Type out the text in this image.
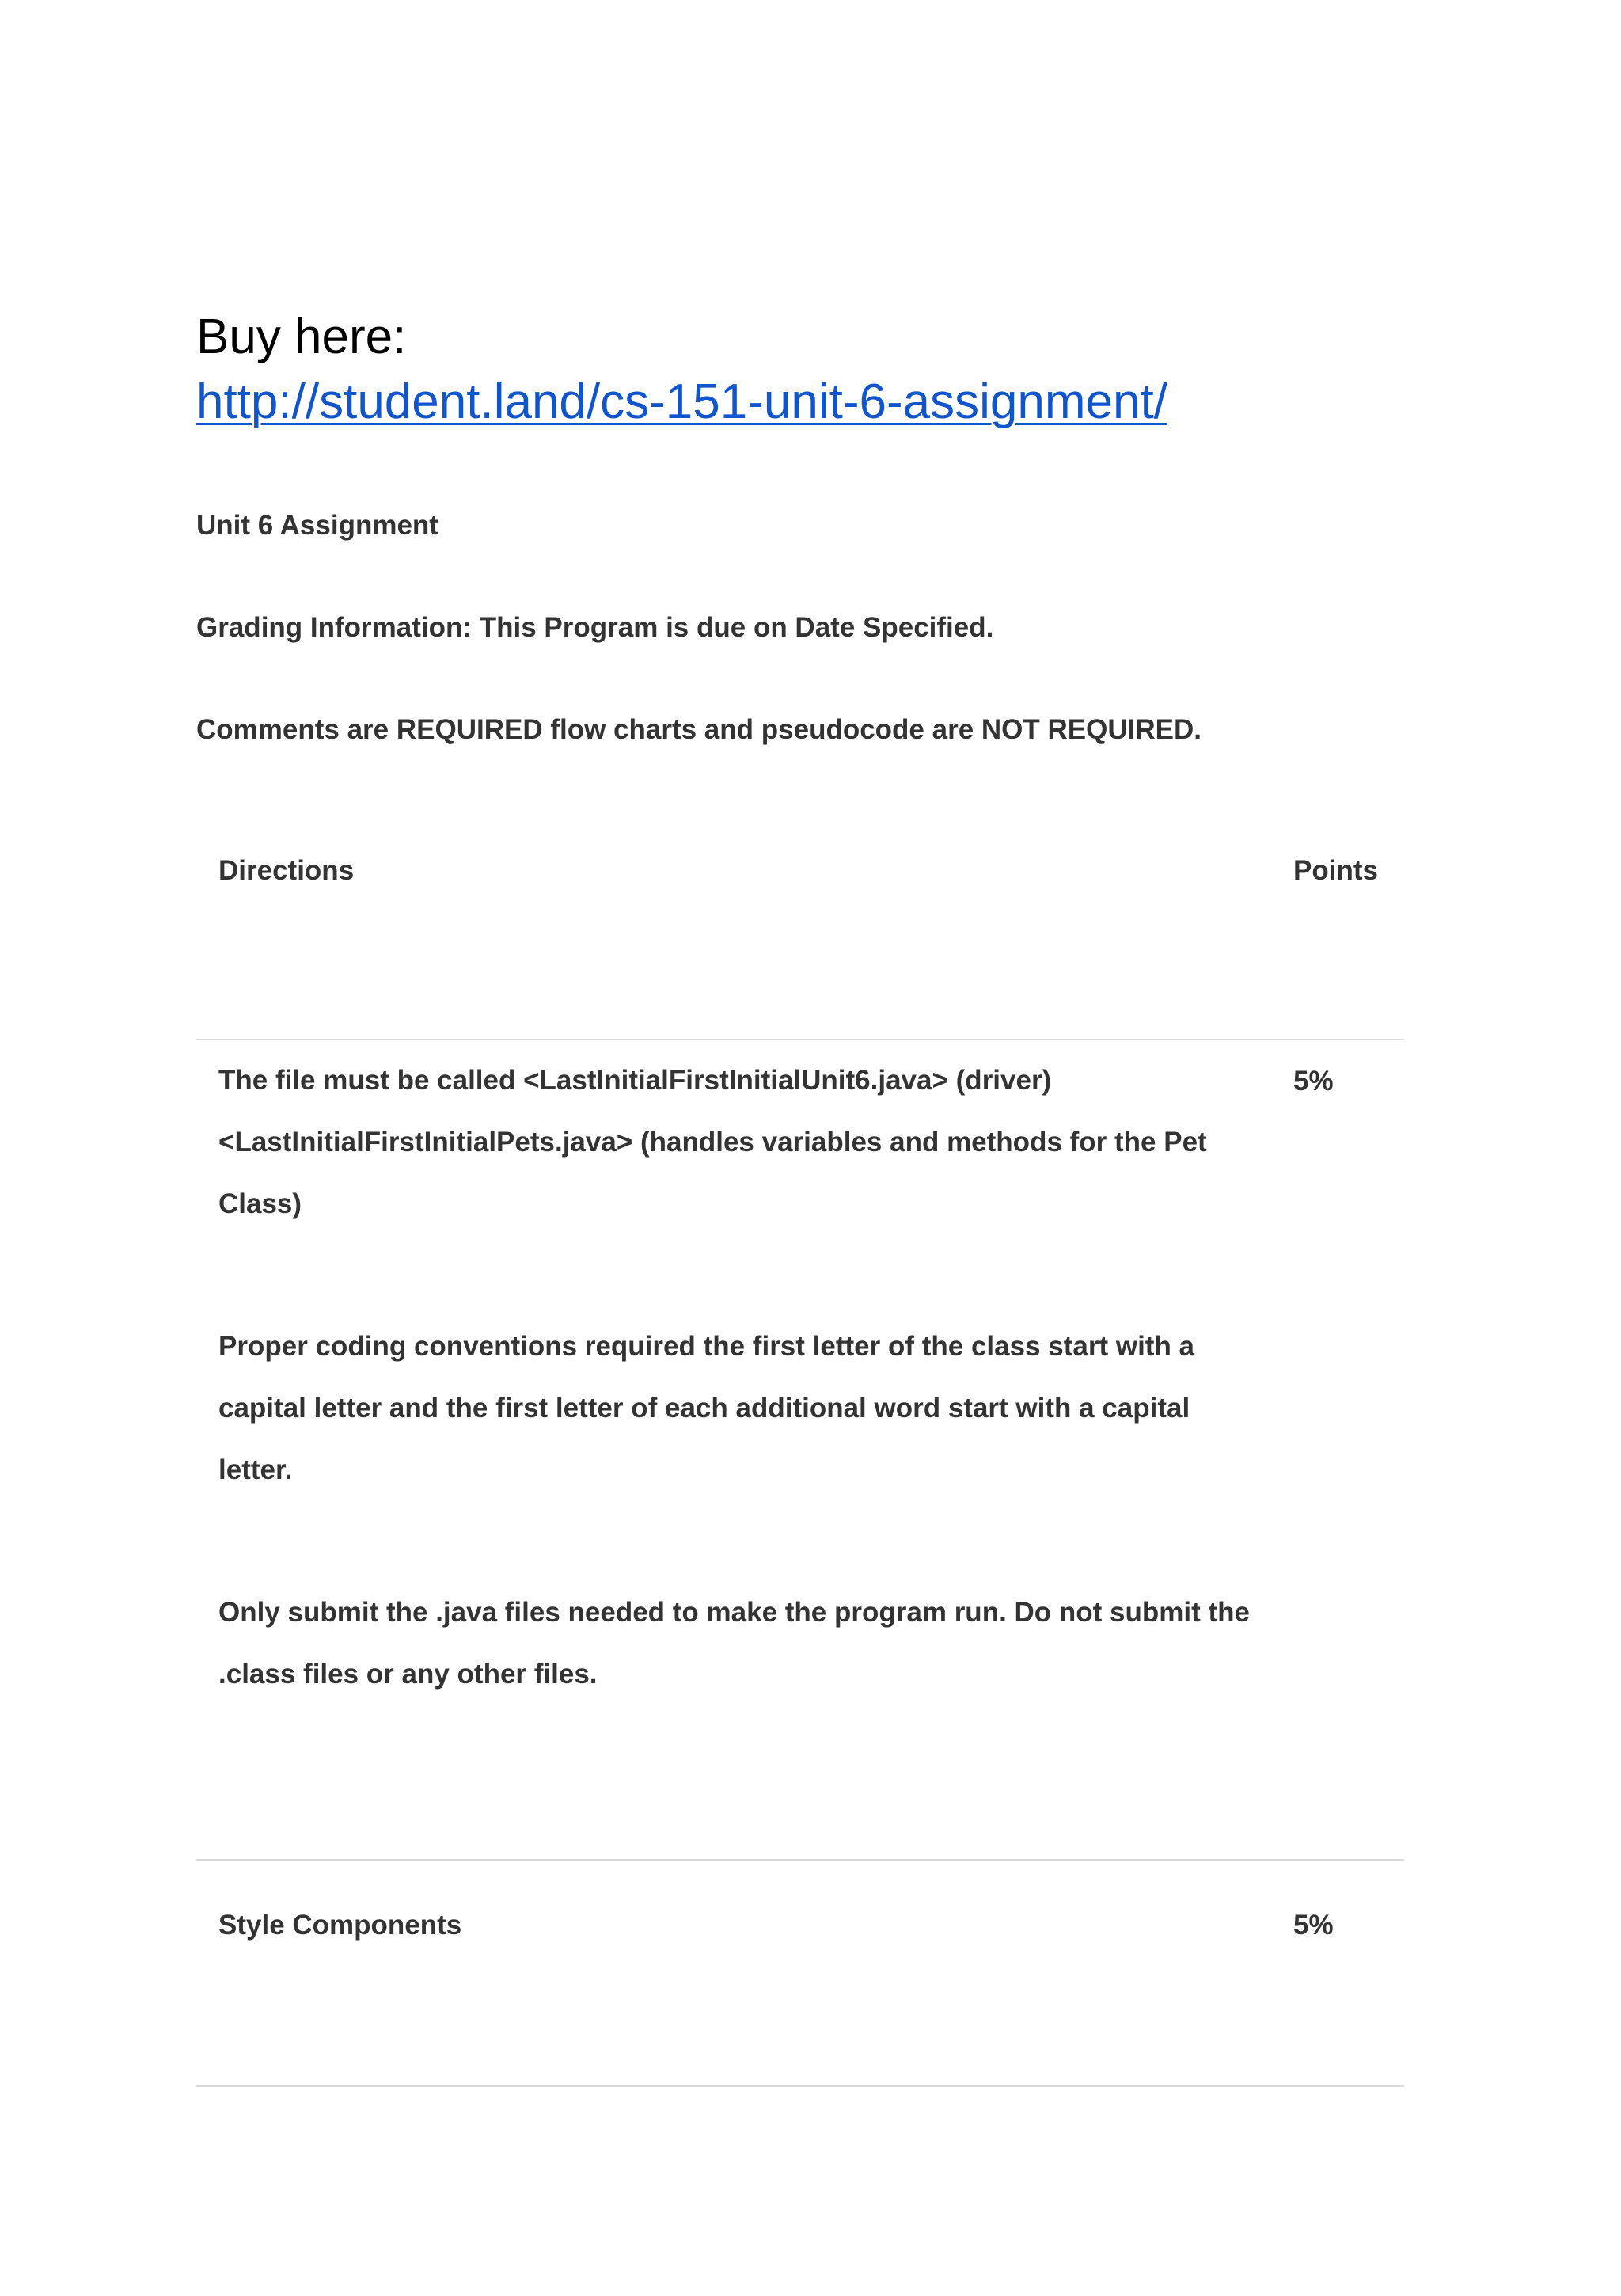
Buy here:

http://student.land/cs-151-unit-6-assignment/

Unit 6 Assignment

Grading Information: This Program is due on Date Specified.

Comments are REQUIRED flow charts and pseudocode are NOT REQUIRED.

Directions	Points

The file must be called <LastInitialFirstInitialUnit6.java> (driver) <LastInitialFirstInitialPets.java> (handles variables and methods for the Pet Class)

Proper coding conventions required the first letter of the class start with a capital letter and the first letter of each additional word start with a capital letter.

Only submit the .java files needed to make the program run. Do not submit the .class files or any other files.

5%
Style Components	5%
